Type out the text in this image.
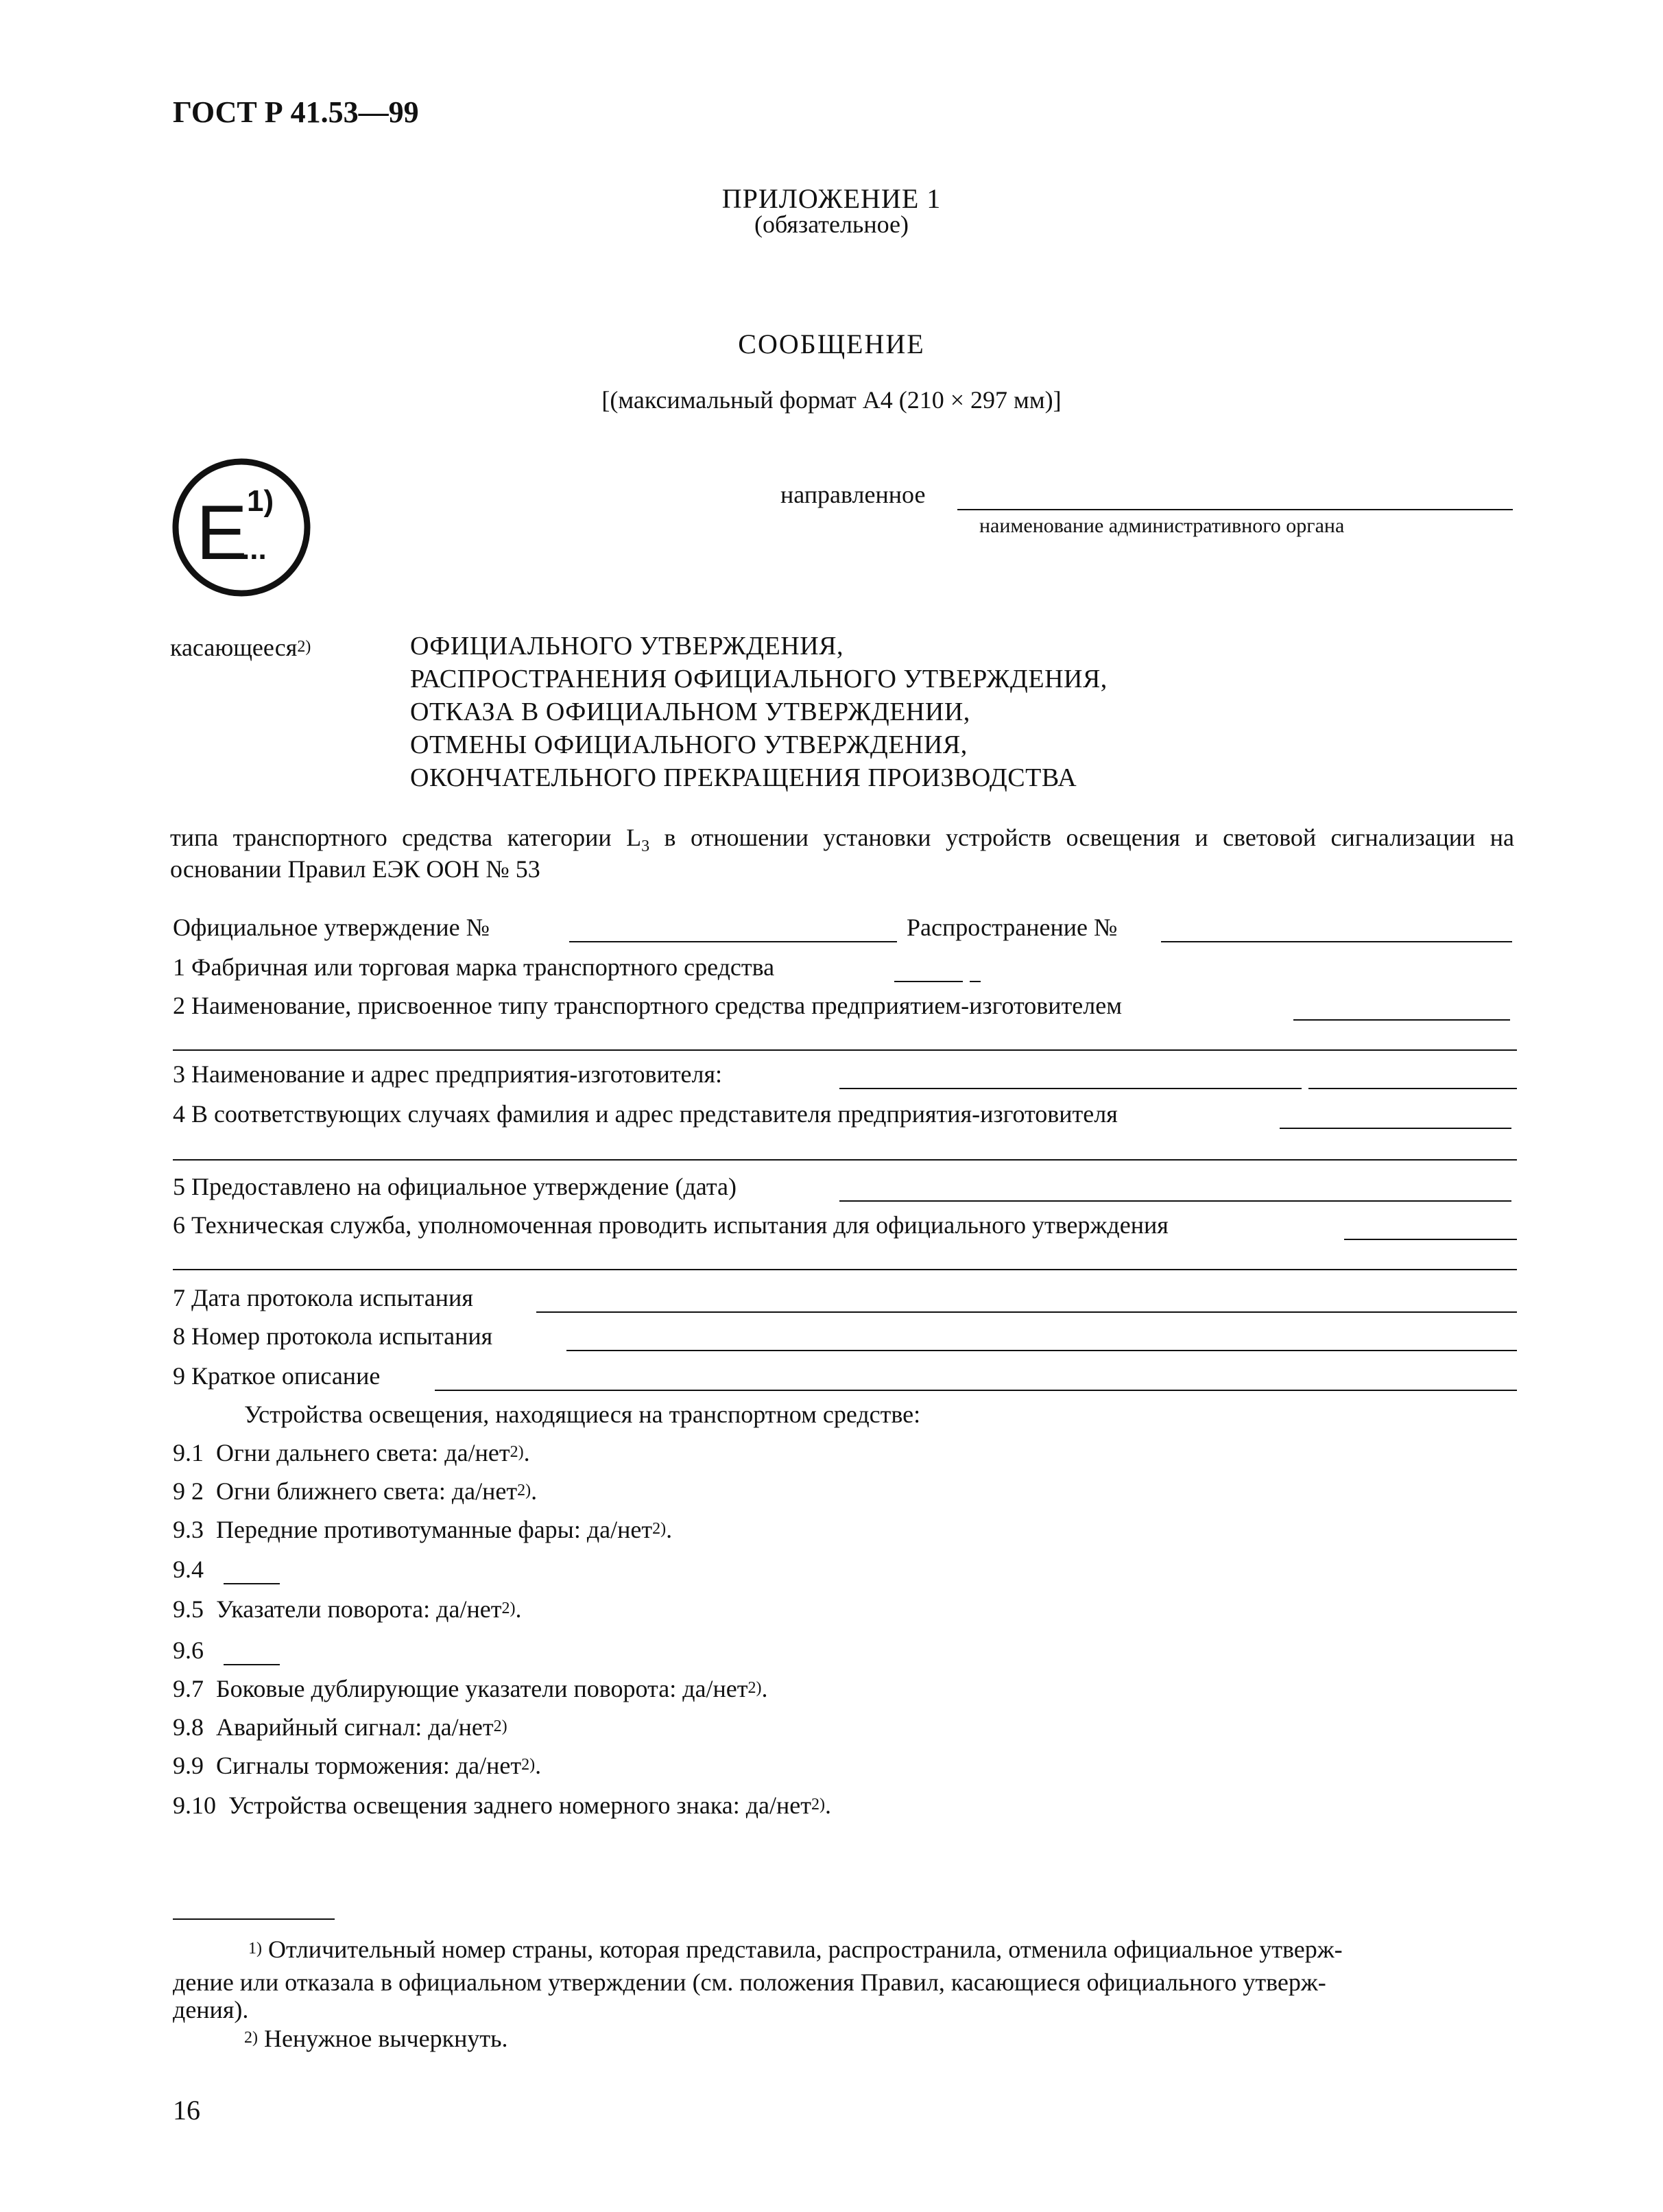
ГОСТ Р 41.53—99
ПРИЛОЖЕНИЕ 1
(обязательное)
СООБЩЕНИЕ
[(максимальный формат А4 (210 × 297 мм)]
E 1)
...
направленное
наименование административного органа
касающееся$^{2)}$	ОФИЦИАЛЬНОГО УТВЕРЖДЕНИЯ,
РАСПРОСТРАНЕНИЯ ОФИЦИАЛЬНОГО УТВЕРЖДЕНИЯ,
ОТКАЗА В ОФИЦИАЛЬНОМ УТВЕРЖДЕНИИ,
ОТМЕНЫ ОФИЦИАЛЬНОГО УТВЕРЖДЕНИЯ,
ОКОНЧАТЕЛЬНОГО ПРЕКРАЩЕНИЯ ПРОИЗВОДСТВА
типа транспортного средства категории $L_3$ в отношении установки устройств освещения и световой сигнализации на основании Правил ЕЭК ООН № 53
Официальное утверждение №	Распространение №
1 Фабричная или торговая марка транспортного средства
2 Наименование, присвоенное типу транспортного средства предприятием-изготовителем
3 Наименование и адрес предприятия-изготовителя:
4 В соответствующих случаях фамилия и адрес представителя предприятия-изготовителя
5 Предоставлено на официальное утверждение (дата)
6 Техническая служба, уполномоченная проводить испытания для официального утверждения
7 Дата протокола испытания
8 Номер протокола испытания
9 Краткое описание
Устройства освещения, находящиеся на транспортном средстве:
9.1 Огни дальнего света: да/нет$^{2)}$.
9 2 Огни ближнего света: да/нет$^{2)}$.
9.3 Передние противотуманные фары: да/нет$^{2)}$.
9.4
9.5 Указатели поворота: да/нет$^{2)}$.
9.6
9.7 Боковые дублирующие указатели поворота: да/нет$^{2)}$.
9.8 Аварийный сигнал: да/нет$^{2)}$
9.9 Сигналы торможения: да/нет$^{2)}$.
9.10 Устройства освещения заднего номерного знака: да/нет$^{2)}$.
$^{1)}$ Отличительный номер страны, которая представила, распространила, отменила официальное утверж-
дение или отказала в официальном утверждении (см. положения Правил, касающиеся официального утверж-
дения).
$^{2)}$ Ненужное вычеркнуть.
16
